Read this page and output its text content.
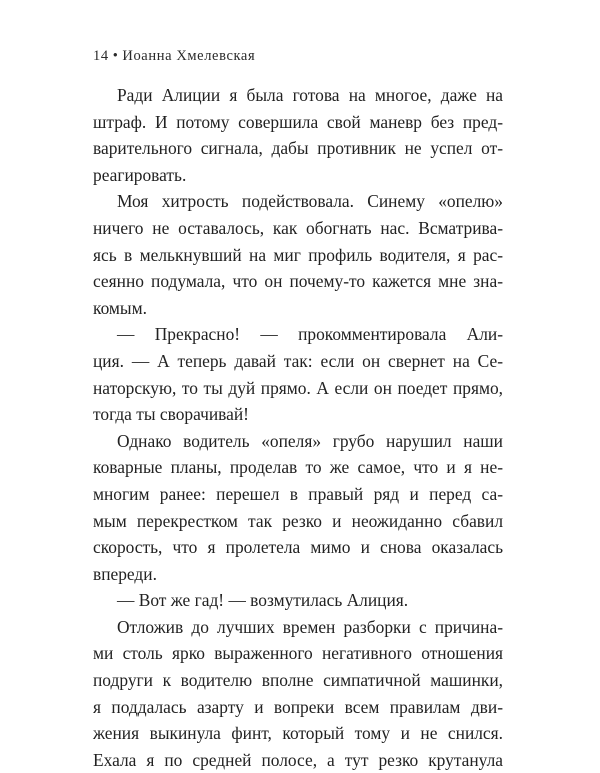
14 • Иоанна Хмелевская
Ради Алиции я была готова на многое, даже на
штраф. И потому совершила свой маневр без пред-
варительного сигнала, дабы противник не успел от-
реагировать.
Моя хитрость подействовала. Синему «опелю»
ничего не оставалось, как обогнать нас. Всматрива-
ясь в мелькнувший на миг профиль водителя, я рас-
сеянно подумала, что он почему-то кажется мне зна-
комым.
— Прекрасно! — прокомментировала Али-
ция. — А теперь давай так: если он свернет на Се-
наторскую, то ты дуй прямо. А если он поедет прямо,
тогда ты сворачивай!
Однако водитель «опеля» грубо нарушил наши
коварные планы, проделав то же самое, что и я не-
многим ранее: перешел в правый ряд и перед са-
мым перекрестком так резко и неожиданно сбавил
скорость, что я пролетела мимо и снова оказалась
впереди.
— Вот же гад! — возмутилась Алиция.
Отложив до лучших времен разборки с причина-
ми столь ярко выраженного негативного отношения
подруги к водителю вполне симпатичной машинки,
я поддалась азарту и вопреки всем правилам дви-
жения выкинула финт, который тому и не снился.
Ехала я по средней полосе, а тут резко крутанула
